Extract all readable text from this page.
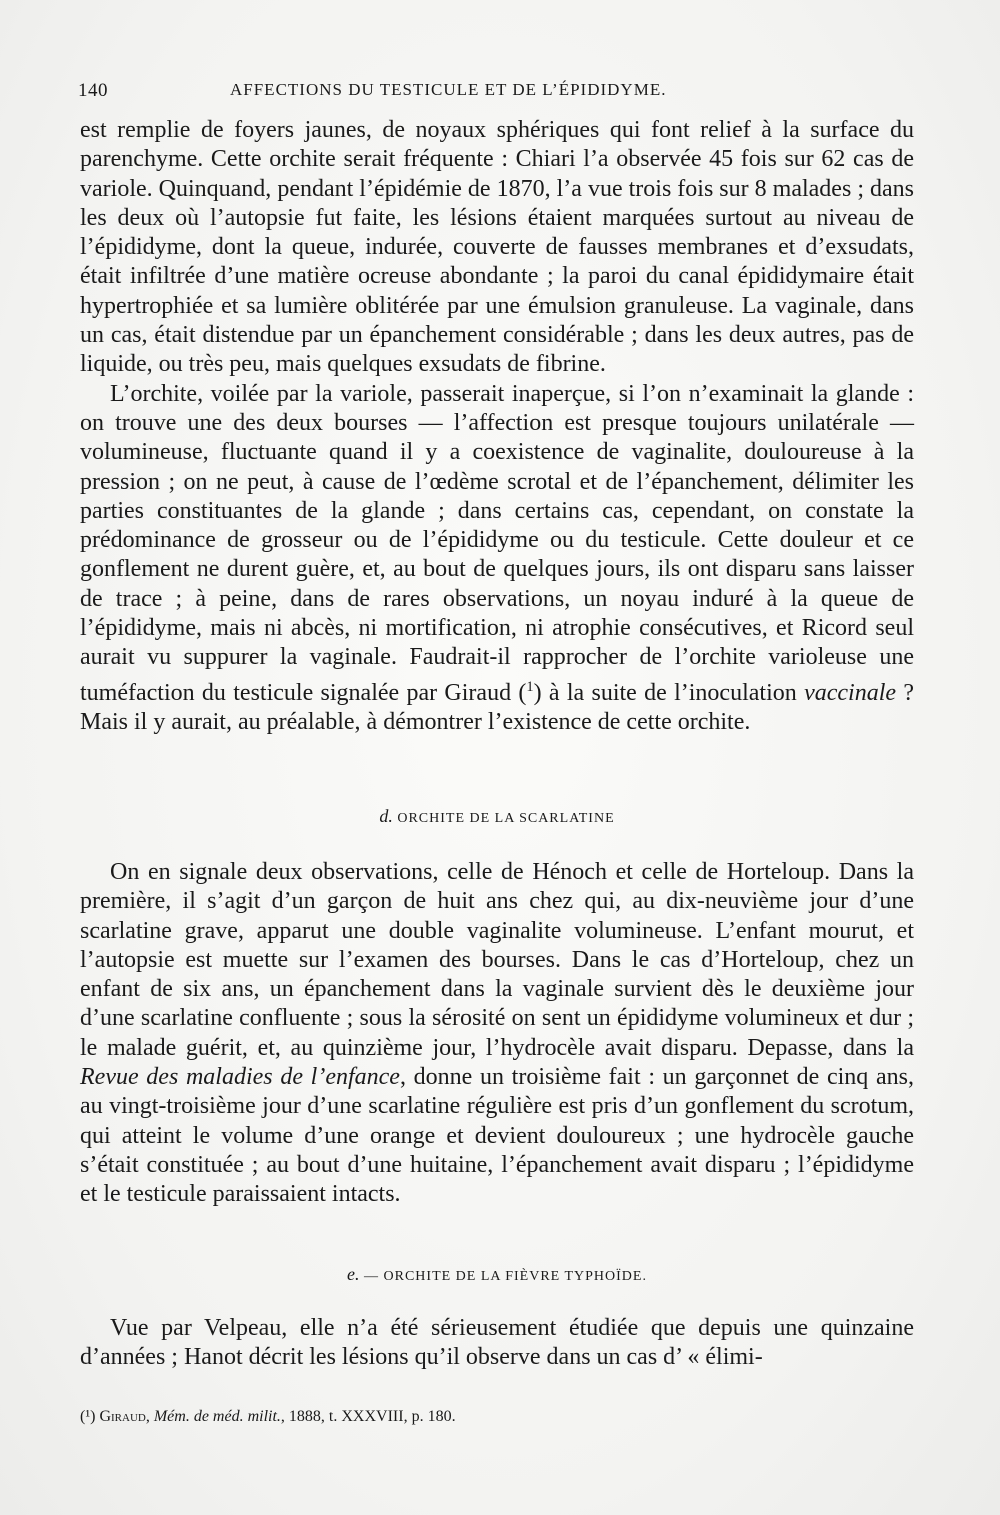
140	AFFECTIONS DU TESTICULE ET DE L’ÉPIDIDYME.

est remplie de foyers jaunes, de noyaux sphériques qui font relief à la surface du parenchyme. Cette orchite serait fréquente : Chiari l’a observée 45 fois sur 62 cas de variole. Quinquand, pendant l’épidémie de 1870, l’a vue trois fois sur 8 malades ; dans les deux où l’autopsie fut faite, les lésions étaient marquées surtout au niveau de l’épididyme, dont la queue, indurée, couverte de fausses membranes et d’exsudats, était infiltrée d’une matière ocreuse abondante ; la paroi du canal épididymaire était hypertrophiée et sa lumière oblitérée par une émulsion granuleuse. La vaginale, dans un cas, était distendue par un épanchement considérable ; dans les deux autres, pas de liquide, ou très peu, mais quelques exsudats de fibrine.

L’orchite, voilée par la variole, passerait inaperçue, si l’on n’examinait la glande : on trouve une des deux bourses — l’affection est presque toujours unilatérale — volumineuse, fluctuante quand il y a coexistence de vaginalite, douloureuse à la pression ; on ne peut, à cause de l’œdème scrotal et de l’épanchement, délimiter les parties constituantes de la glande ; dans certains cas, cependant, on constate la prédominance de grosseur ou de l’épididyme ou du testicule. Cette douleur et ce gonflement ne durent guère, et, au bout de quelques jours, ils ont disparu sans laisser de trace ; à peine, dans de rares observations, un noyau induré à la queue de l’épididyme, mais ni abcès, ni mortification, ni atrophie consécutives, et Ricord seul aurait vu suppurer la vaginale. Faudrait-il rapprocher de l’orchite varioleuse une tuméfaction du testicule signalée par Giraud ($^1$) à la suite de l’inoculation vaccinale ? Mais il y aurait, au préalable, à démontrer l’existence de cette orchite.

d. ORCHITE DE LA SCARLATINE

On en signale deux observations, celle de Hénoch et celle de Horteloup. Dans la première, il s’agit d’un garçon de huit ans chez qui, au dix-neuvième jour d’une scarlatine grave, apparut une double vaginalite volumineuse. L’enfant mourut, et l’autopsie est muette sur l’examen des bourses. Dans le cas d’Horteloup, chez un enfant de six ans, un épanchement dans la vaginale survient dès le deuxième jour d’une scarlatine confluente ; sous la sérosité on sent un épididyme volumineux et dur ; le malade guérit, et, au quinzième jour, l’hydrocèle avait disparu. Depasse, dans la Revue des maladies de l’enfance, donne un troisième fait : un garçonnet de cinq ans, au vingt-troisième jour d’une scarlatine régulière est pris d’un gonflement du scrotum, qui atteint le volume d’une orange et devient douloureux ; une hydrocèle gauche s’était constituée ; au bout d’une huitaine, l’épanchement avait disparu ; l’épididyme et le testicule paraissaient intacts.

e. — ORCHITE DE LA FIÈVRE TYPHOÏDE.

Vue par Velpeau, elle n’a été sérieusement étudiée que depuis une quinzaine d’années ; Hanot décrit les lésions qu’il observe dans un cas d’ « élimi-

(¹) Giraud, Mém. de méd. milit., 1888, t. XXXVIII, p. 180.
